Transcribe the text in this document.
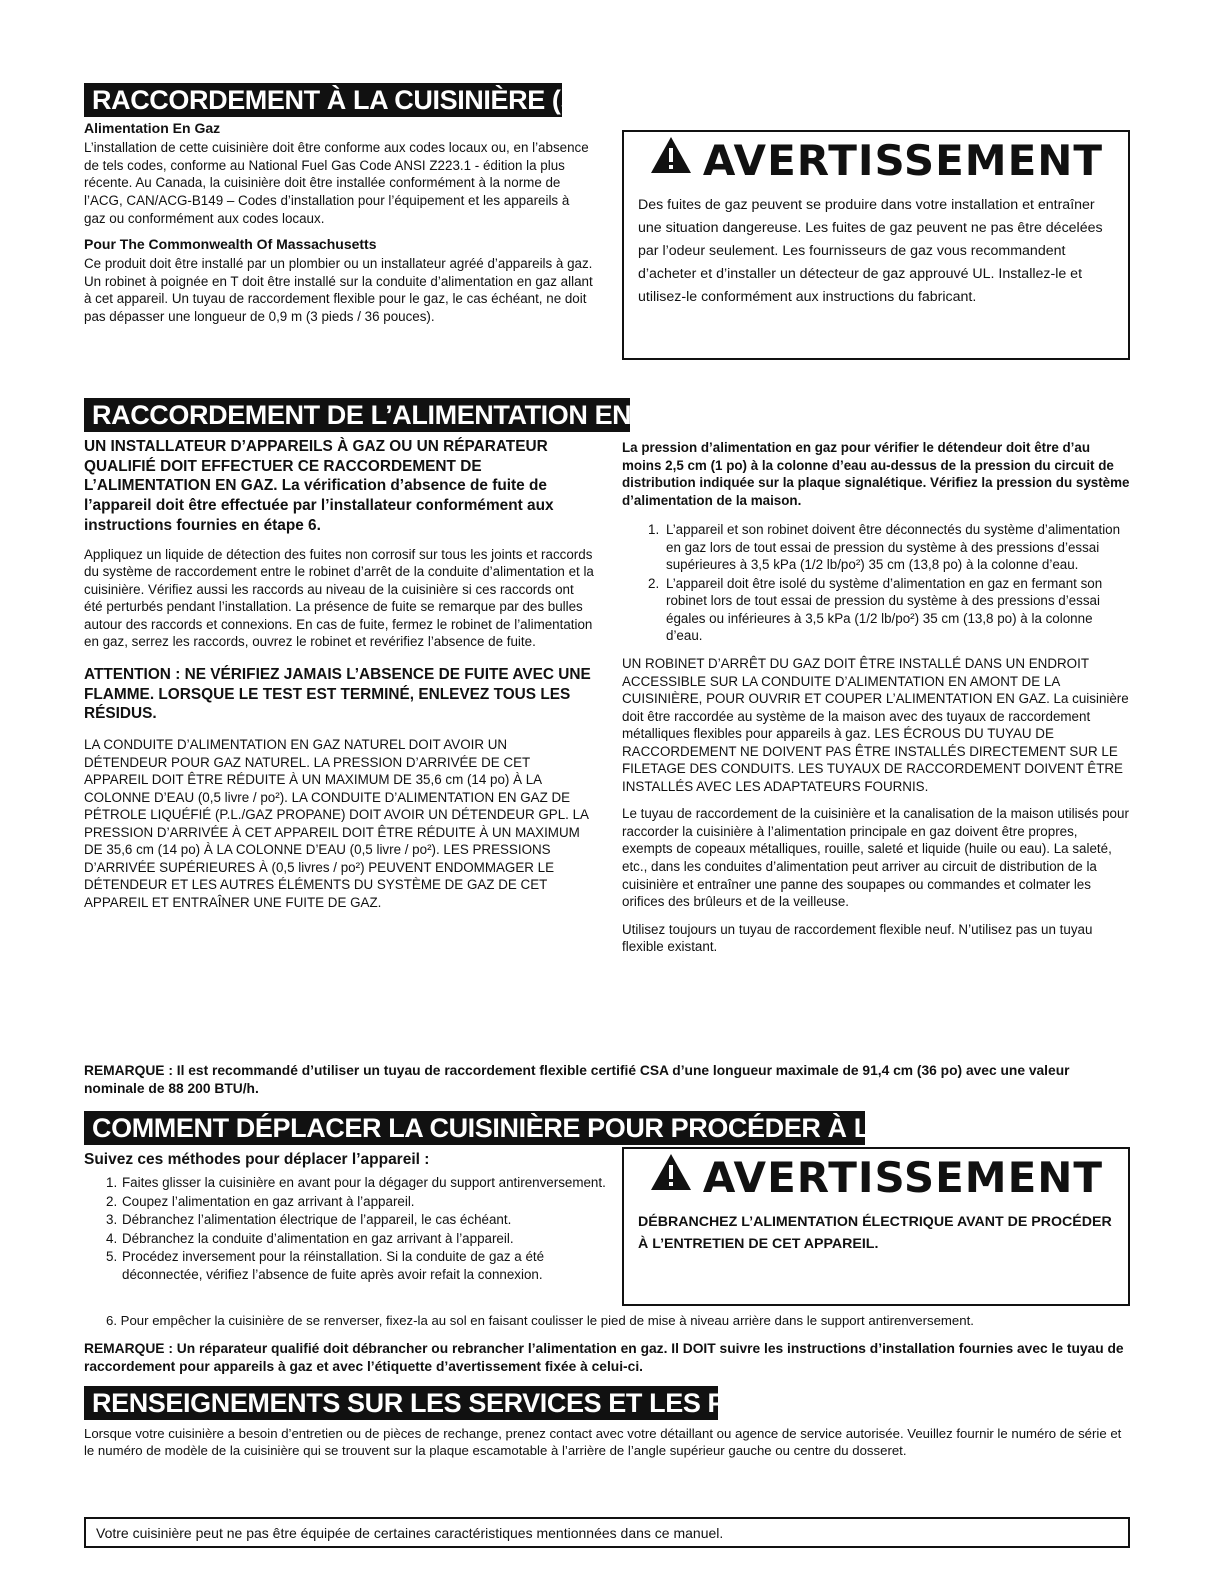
RACCORDEMENT À LA CUISINIÈRE (suite)
Alimentation En Gaz

L’installation de cette cuisinière doit être conforme aux codes locaux ou, en l’absence de tels codes, conforme au National Fuel Gas Code ANSI Z223.1 - édition la plus récente. Au Canada, la cuisinière doit être installée conformément à la norme de l’ACG, CAN/ACG-B149 – Codes d’installation pour l’équipement et les appareils à gaz ou conformément aux codes locaux.

Pour The Commonwealth Of Massachusetts

Ce produit doit être installé par un plombier ou un installateur agréé d’appareils à gaz. Un robinet à poignée en T doit être installé sur la conduite d’alimentation en gaz allant à cet appareil. Un tuyau de raccordement flexible pour le gaz, le cas échéant, ne doit pas dépasser une longueur de 0,9 m (3 pieds / 36 pouces).

AVERTISSEMENT
Des fuites de gaz peuvent se produire dans votre installation et entraîner une situation dangereuse. Les fuites de gaz peuvent ne pas être décelées par l’odeur seulement. Les fournisseurs de gaz vous recommandent d’acheter et d’installer un détecteur de gaz approuvé UL. Installez-le et utilisez-le conformément aux instructions du fabricant.
RACCORDEMENT DE L’ALIMENTATION EN GAZ

UN INSTALLATEUR D’APPAREILS À GAZ OU UN RÉPARATEUR QUALIFIÉ DOIT EFFECTUER CE RACCORDEMENT DE L’ALIMENTATION EN GAZ. La vérification d’absence de fuite de l’appareil doit être effectuée par l’installateur conformément aux instructions fournies en étape 6.

Appliquez un liquide de détection des fuites non corrosif sur tous les joints et raccords du système de raccordement entre le robinet d’arrêt de la conduite d’alimentation et la cuisinière. Vérifiez aussi les raccords au niveau de la cuisinière si ces raccords ont été perturbés pendant l’installation. La présence de fuite se remarque par des bulles autour des raccords et connexions. En cas de fuite, fermez le robinet de l’alimentation en gaz, serrez les raccords, ouvrez le robinet et revérifiez l’absence de fuite.

ATTENTION : NE VÉRIFIEZ JAMAIS L’ABSENCE DE FUITE AVEC UNE FLAMME. LORSQUE LE TEST EST TERMINÉ, ENLEVEZ TOUS LES RÉSIDUS.

LA CONDUITE D’ALIMENTATION EN GAZ NATUREL DOIT AVOIR UN DÉTENDEUR POUR GAZ NATUREL. LA PRESSION D’ARRIVÉE DE CET APPAREIL DOIT ÊTRE RÉDUITE À UN MAXIMUM DE 35,6 cm (14 po) À LA COLONNE D’EAU (0,5 livre / po²). LA CONDUITE D’ALIMENTATION EN GAZ DE PÉTROLE LIQUÉFIÉ (P.L./GAZ PROPANE) DOIT AVOIR UN DÉTENDEUR GPL. LA PRESSION D’ARRIVÉE À CET APPAREIL DOIT ÊTRE RÉDUITE À UN MAXIMUM DE 35,6 cm (14 po) À LA COLONNE D’EAU (0,5 livre / po²). LES PRESSIONS D’ARRIVÉE SUPÉRIEURES À (0,5 livres / po²) PEUVENT ENDOMMAGER LE DÉTENDEUR ET LES AUTRES ÉLÉMENTS DU SYSTÈME DE GAZ DE CET APPAREIL ET ENTRAÎNER UNE FUITE DE GAZ.

La pression d’alimentation en gaz pour vérifier le détendeur doit être d’au moins 2,5 cm (1 po) à la colonne d’eau au-dessus de la pression du circuit de distribution indiquée sur la plaque signalétique. Vérifiez la pression du système d’alimentation de la maison.

1. L’appareil et son robinet doivent être déconnectés du système d’alimentation en gaz lors de tout essai de pression du système à des pressions d’essai supérieures à 3,5 kPa (1/2 lb/po²) 35 cm (13,8 po) à la colonne d’eau.
2. L’appareil doit être isolé du système d’alimentation en gaz en fermant son robinet lors de tout essai de pression du système à des pressions d’essai égales ou inférieures à 3,5 kPa (1/2 lb/po²) 35 cm (13,8 po) à la colonne d’eau.

UN ROBINET D’ARRÊT DU GAZ DOIT ÊTRE INSTALLÉ DANS UN ENDROIT ACCESSIBLE SUR LA CONDUITE D’ALIMENTATION EN AMONT DE LA CUISINIÈRE, POUR OUVRIR ET COUPER L’ALIMENTATION EN GAZ. La cuisinière doit être raccordée au système de la maison avec des tuyaux de raccordement métalliques flexibles pour appareils à gaz. LES ÉCROUS DU TUYAU DE RACCORDEMENT NE DOIVENT PAS ÊTRE INSTALLÉS DIRECTEMENT SUR LE FILETAGE DES CONDUITS. LES TUYAUX DE RACCORDEMENT DOIVENT ÊTRE INSTALLÉS AVEC LES ADAPTATEURS FOURNIS.

Le tuyau de raccordement de la cuisinière et la canalisation de la maison utilisés pour raccorder la cuisinière à l’alimentation principale en gaz doivent être propres, exempts de copeaux métalliques, rouille, saleté et liquide (huile ou eau). La saleté, etc., dans les conduites d’alimentation peut arriver au circuit de distribution de la cuisinière et entraîner une panne des soupapes ou commandes et colmater les orifices des brûleurs et de la veilleuse.

Utilisez toujours un tuyau de raccordement flexible neuf. N’utilisez pas un tuyau flexible existant.

REMARQUE : Il est recommandé d’utiliser un tuyau de raccordement flexible certifié CSA d’une longueur maximale de 91,4 cm (36 po) avec une valeur nominale de 88 200 BTU/h.
COMMENT DÉPLACER LA CUISINIÈRE POUR PROCÉDER À L’ENTRETIEN
Suivez ces méthodes pour déplacer l’appareil :
1. Faites glisser la cuisinière en avant pour la dégager du support antirenversement.
2. Coupez l’alimentation en gaz arrivant à l’appareil.
3. Débranchez l’alimentation électrique de l’appareil, le cas échéant.
4. Débranchez la conduite d’alimentation en gaz arrivant à l’appareil.
5. Procédez inversement pour la réinstallation. Si la conduite de gaz a été déconnectée, vérifiez l’absence de fuite après avoir refait la connexion.
6. Pour empêcher la cuisinière de se renverser, fixez-la au sol en faisant coulisser le pied de mise à niveau arrière dans le support antirenversement.
AVERTISSEMENT
DÉBRANCHEZ L’ALIMENTATION ÉLECTRIQUE AVANT DE PROCÉDER À L’ENTRETIEN DE CET APPAREIL.
REMARQUE : Un réparateur qualifié doit débrancher ou rebrancher l’alimentation en gaz. Il DOIT suivre les instructions d’installation fournies avec le tuyau de raccordement pour appareils à gaz et avec l’étiquette d’avertissement fixée à celui-ci.
RENSEIGNEMENTS SUR LES SERVICES ET LES PIÈCES
Lorsque votre cuisinière a besoin d’entretien ou de pièces de rechange, prenez contact avec votre détaillant ou agence de service autorisée. Veuillez fournir le numéro de série et le numéro de modèle de la cuisinière qui se trouvent sur la plaque escamotable à l’arrière de l’angle supérieur gauche ou centre du dosseret.
Votre cuisinière peut ne pas être équipée de certaines caractéristiques mentionnées dans ce manuel.
